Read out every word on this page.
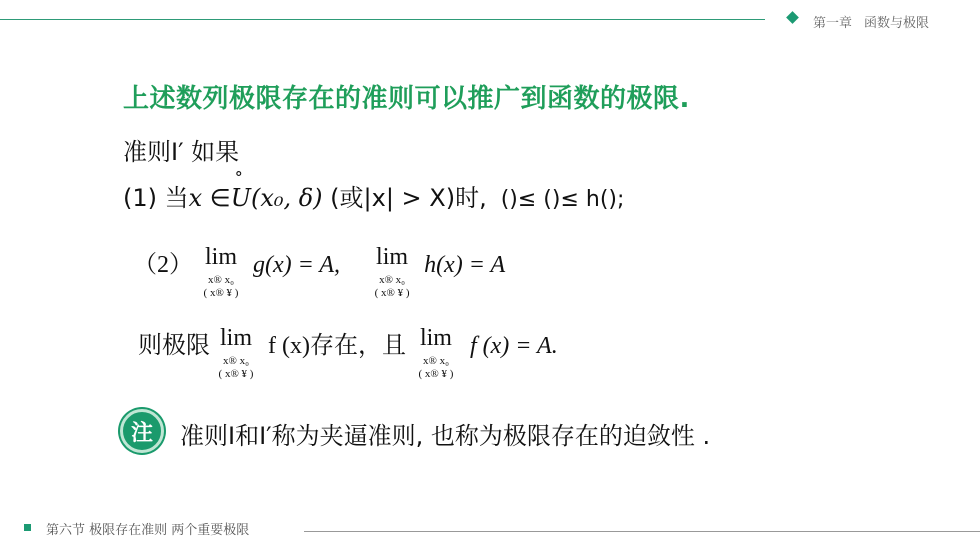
第一章 函数与极限
上述数列极限存在的准则可以推广到函数的极限.
准则I′ 如果
(1) 当x ∈° U(x₀, δ) (或|x| > X)时, ()≤ ()≤ h();
（2） lim
x® x₀
( x® ¥ )
g(x) = A, lim
x® x₀
( x® ¥ )
h(x) = A
则极限 lim
x® x₀
( x® ¥ )
f (x)存在，且 lim
x® x₀
( x® ¥ )
f (x) = A.
注	准则I和I′称为夹逼准则, 也称为极限存在的迫敛性 .
第六节 极限存在准则 两个重要极限
